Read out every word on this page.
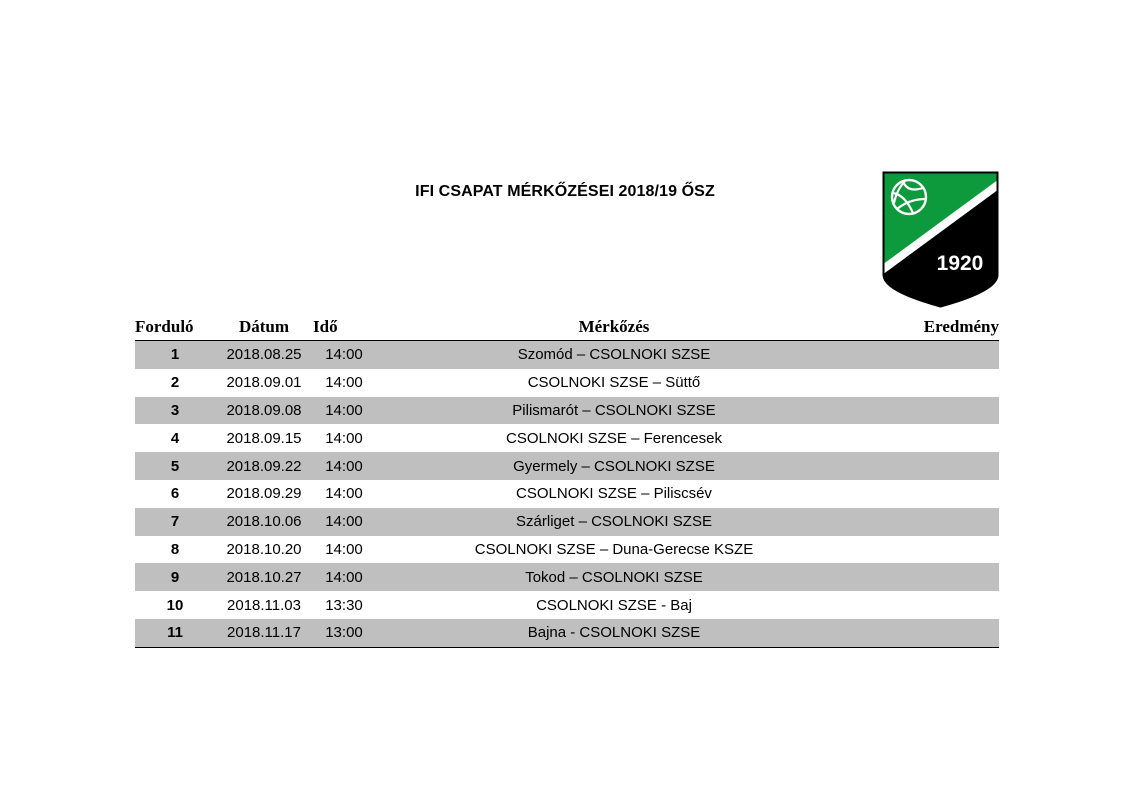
IFI CSAPAT MÉRKŐZÉSEI 2018/19 ŐSZ
1920
Forduló	Dátum	Idő	Mérkőzés	Eredmény
1	2018.08.25	14:00	Szomód – CSOLNOKI SZSE	
2	2018.09.01	14:00	CSOLNOKI SZSE – Süttő	
3	2018.09.08	14:00	Pilismarót – CSOLNOKI SZSE	
4	2018.09.15	14:00	CSOLNOKI SZSE – Ferencesek	
5	2018.09.22	14:00	Gyermely – CSOLNOKI SZSE	
6	2018.09.29	14:00	CSOLNOKI SZSE – Piliscsév	
7	2018.10.06	14:00	Szárliget – CSOLNOKI SZSE	
8	2018.10.20	14:00	CSOLNOKI SZSE – Duna-Gerecse KSZE	
9	2018.10.27	14:00	Tokod – CSOLNOKI SZSE	
10	2018.11.03	13:30	CSOLNOKI SZSE - Baj	
11	2018.11.17	13:00	Bajna - CSOLNOKI SZSE	
